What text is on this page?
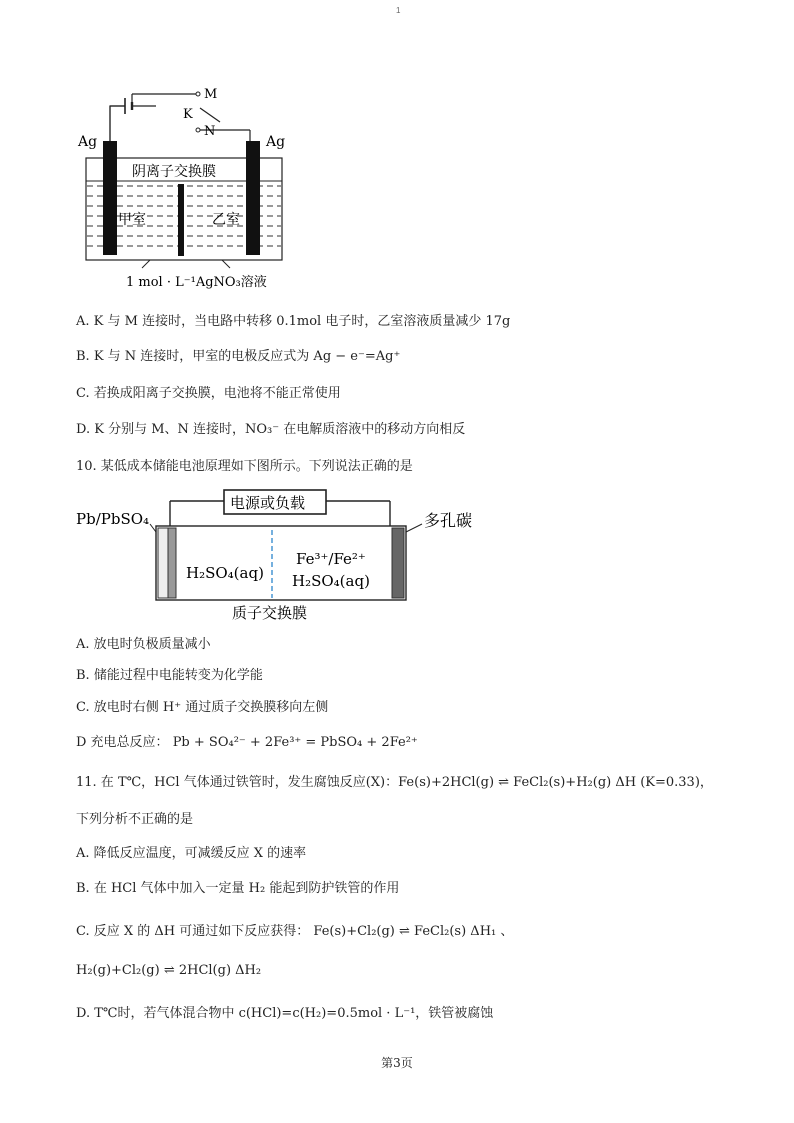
1
Ag	Ag
M
K
N
阴离子交换膜
甲室	乙室
1 mol · L⁻¹AgNO₃溶液
A. K 与 M 连接时，当电路中转移 0.1mol 电子时，乙室溶液质量减少 17g
B. K 与 N 连接时，甲室的电极反应式为 Ag − e⁻=Ag⁺
C. 若换成阳离子交换膜，电池将不能正常使用
D. K 分别与 M、N 连接时，NO₃⁻ 在电解质溶液中的移动方向相反
10. 某低成本储能电池原理如下图所示。下列说法正确的是
电源或负载
Pb/PbSO₄	多孔碳
H₂SO₄(aq)
Fe³⁺/Fe²⁺
H₂SO₄(aq)
质子交换膜
A. 放电时负极质量减小
B. 储能过程中电能转变为化学能
C. 放电时右侧 H⁺ 通过质子交换膜移向左侧
D 充电总反应： Pb + SO₄²⁻ + 2Fe³⁺ = PbSO₄ + 2Fe²⁺
11. 在 T℃，HCl 气体通过铁管时，发生腐蚀反应(X)：Fe(s)+2HCl(g) ⇌ FeCl₂(s)+H₂(g) ΔH (K=0.33)，
下列分析不正确的是
A. 降低反应温度，可减缓反应 X 的速率
B. 在 HCl 气体中加入一定量 H₂ 能起到防护铁管的作用
C. 反应 X 的 ΔH 可通过如下反应获得： Fe(s)+Cl₂(g) ⇌ FeCl₂(s) ΔH₁ 、
H₂(g)+Cl₂(g) ⇌ 2HCl(g) ΔH₂
D. T℃时，若气体混合物中 c(HCl)=c(H₂)=0.5mol · L⁻¹，铁管被腐蚀
第3页
